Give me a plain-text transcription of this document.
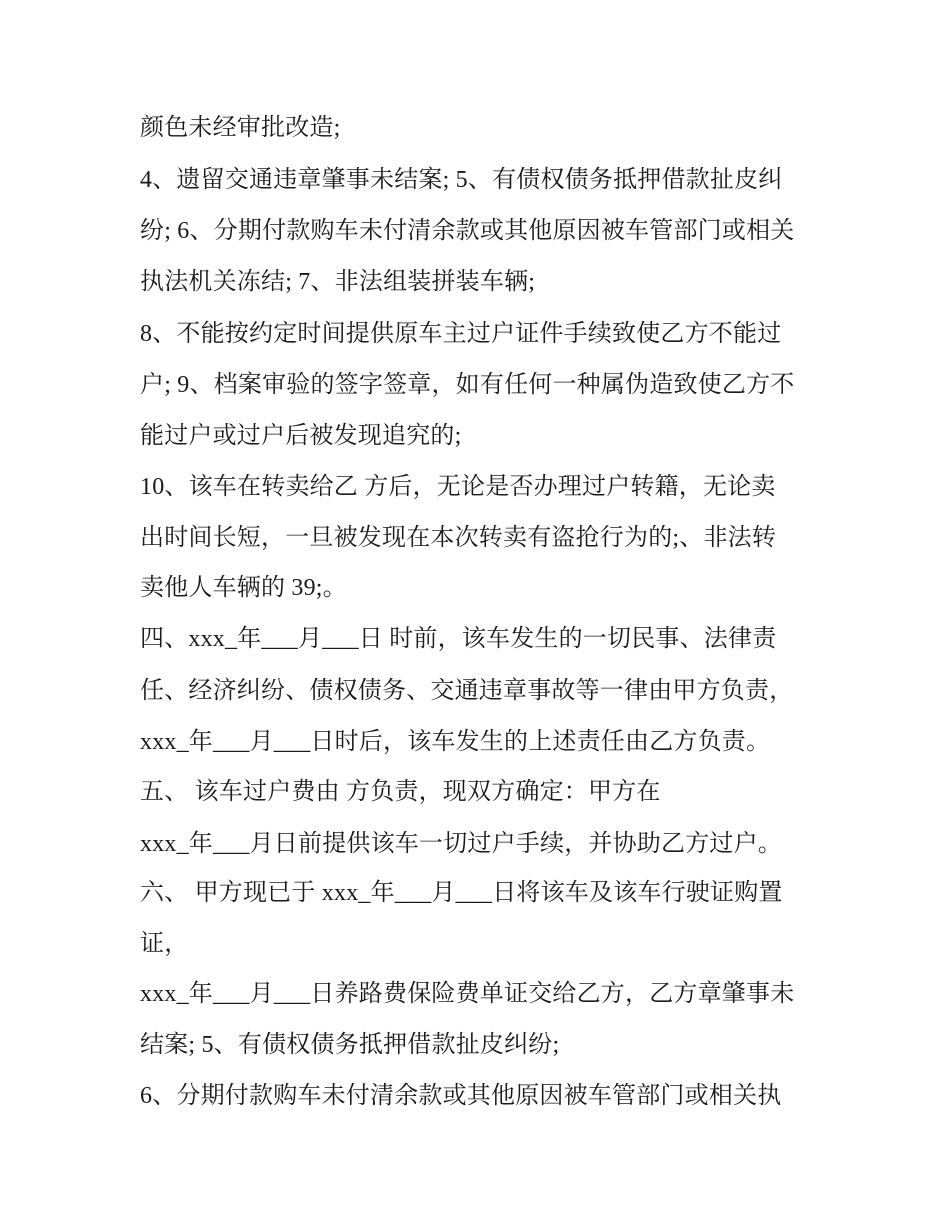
颜色未经审批改造;
4、遗留交通违章肇事未结案; 5、有债权债务抵押借款扯皮纠
纷; 6、分期付款购车未付清余款或其他原因被车管部门或相关
执法机关冻结; 7、非法组装拼装车辆;
8、不能按约定时间提供原车主过户证件手续致使乙方不能过
户; 9、档案审验的签字签章，如有任何一种属伪造致使乙方不
能过户或过户后被发现追究的;
10、该车在转卖给乙 方后，无论是否办理过户转籍，无论卖
出时间长短，一旦被发现在本次转卖有盗抢行为的;、非法转
卖他人车辆的 39;。
四、xxx_年___月___日 时前，该车发生的一切民事、法律责
任、经济纠纷、债权债务、交通违章事故等一律由甲方负责，
xxx_年___月___日时后，该车发生的上述责任由乙方负责。
五、 该车过户费由 方负责，现双方确定：甲方在
xxx_年___月日前提供该车一切过户手续，并协助乙方过户。
六、 甲方现已于 xxx_年___月___日将该车及该车行驶证购置
证，
xxx_年___月___日养路费保险费单证交给乙方，乙方章肇事未
结案; 5、有债权债务抵押借款扯皮纠纷;
6、分期付款购车未付清余款或其他原因被车管部门或相关执
